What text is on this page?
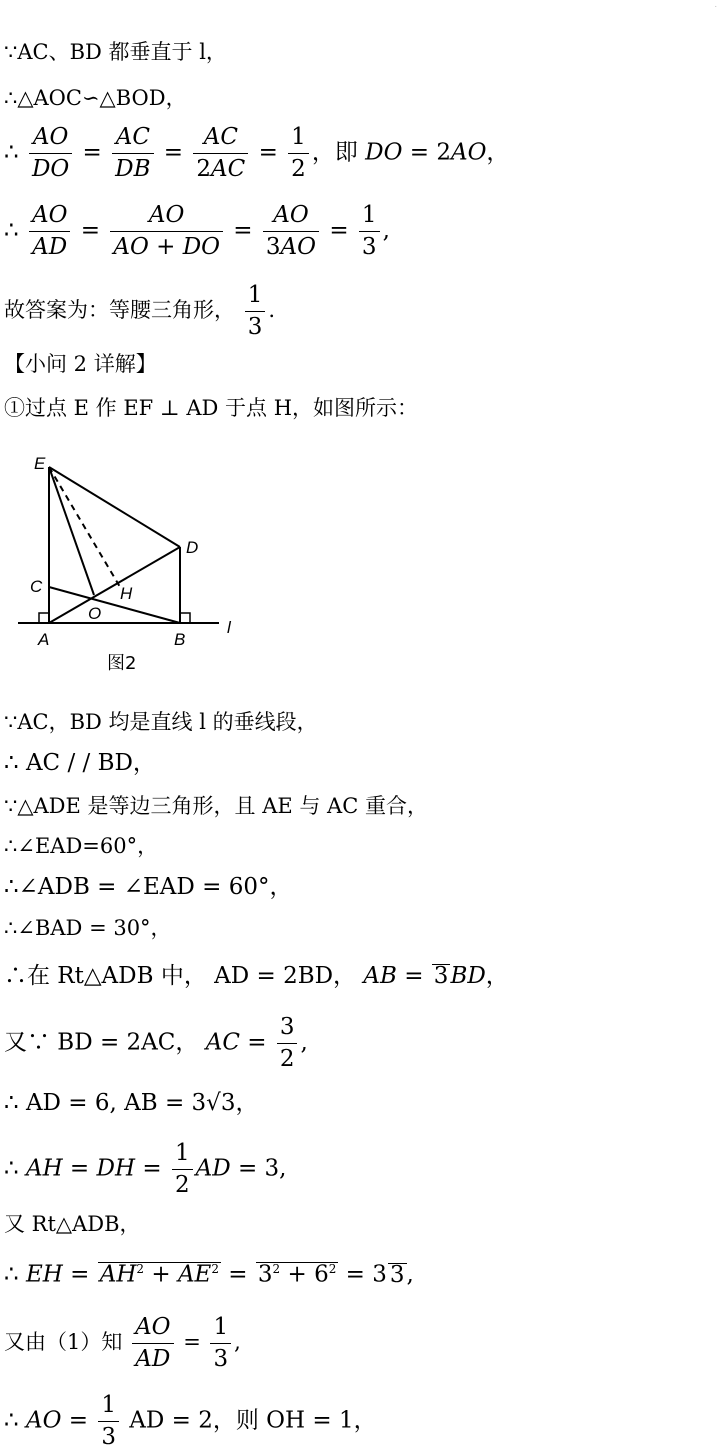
.
∵AC、BD 都垂直于 l，
∴△AOC∽△BOD，
∴ $\frac{AO}{DO} = \frac{AC}{DB} = \frac{AC}{2AC} = \frac{1}{2}$ ，即 DO = 2AO，
∴ $\frac{AO}{AD} = \frac{AO}{AO + DO} = \frac{AO}{3AO} = \frac{1}{3}$ ,
故答案为：等腰三角形， $\frac{1}{3}$ .
【小问 2 详解】
①过点 E 作 EF ⊥ AD 于点 H，如图所示：
E
C
A
O
H
D
B
l
图2
∵AC，BD 均是直线 l 的垂线段，
∴ AC / / BD，
∵△ADE 是等边三角形，且 AE 与 AC 重合，
∴∠EAD=60°，
∴∠ADB = ∠EAD = 60°，
∴∠BAD = 30°，
∴在 Rt△ADB 中， AD = 2BD， AB = 3BD，
又∵ BD = 2AC， AC = $\frac{3}{2}$ ,
∴ AD = 6, AB = 3√3，
∴ AH = DH = $\frac{1}{2}$ AD = 3,
又 Rt△ADB，
∴ EH = $AH^2 + AE^2 = 3^2 + 6^2 = 3$ 3,
又由（1）知 $\frac{AO}{AD} = \frac{1}{3}$ ,
∴ AO = $\frac{1}{3}$ AD = 2，则 OH = 1，
